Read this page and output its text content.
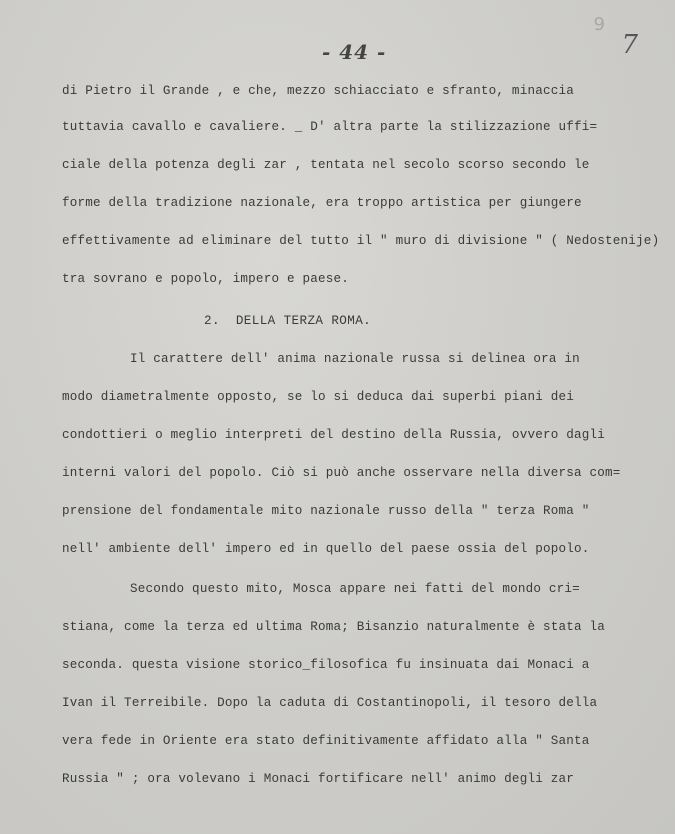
9
7
- 44 -
di Pietro il Grande , e che, mezzo schiacciato e sfranto, minaccia
tuttavia cavallo e cavaliere. _ D' altra parte la stilizzazione uffi=
ciale della potenza degli zar , tentata nel secolo scorso secondo le
forme della tradizione nazionale, era troppo artistica per giungere
effettivamente ad eliminare del tutto il " muro di divisione " ( Nedostenije)
tra sovrano e popolo, impero e paese.
2.  DELLA TERZA ROMA.
Il carattere dell' anima nazionale russa si delinea ora in
modo diametralmente opposto, se lo si deduca dai superbi piani dei
condottieri o meglio interpreti del destino della Russia, ovvero dagli
interni valori del popolo. Ciò si può anche osservare nella diversa com=
prensione del fondamentale mito nazionale russo della " terza Roma "
nell' ambiente dell' impero ed in quello del paese ossia del popolo.
Secondo questo mito, Mosca appare nei fatti del mondo cri=
stiana, come la terza ed ultima Roma; Bisanzio naturalmente è stata la
seconda. questa visione storico_filosofica fu insinuata dai Monaci a
Ivan il Terreibile. Dopo la caduta di Costantinopoli, il tesoro della
vera fede in Oriente era stato definitivamente affidato alla " Santa
Russia " ; ora volevano i Monaci fortificare nell' animo degli zar
